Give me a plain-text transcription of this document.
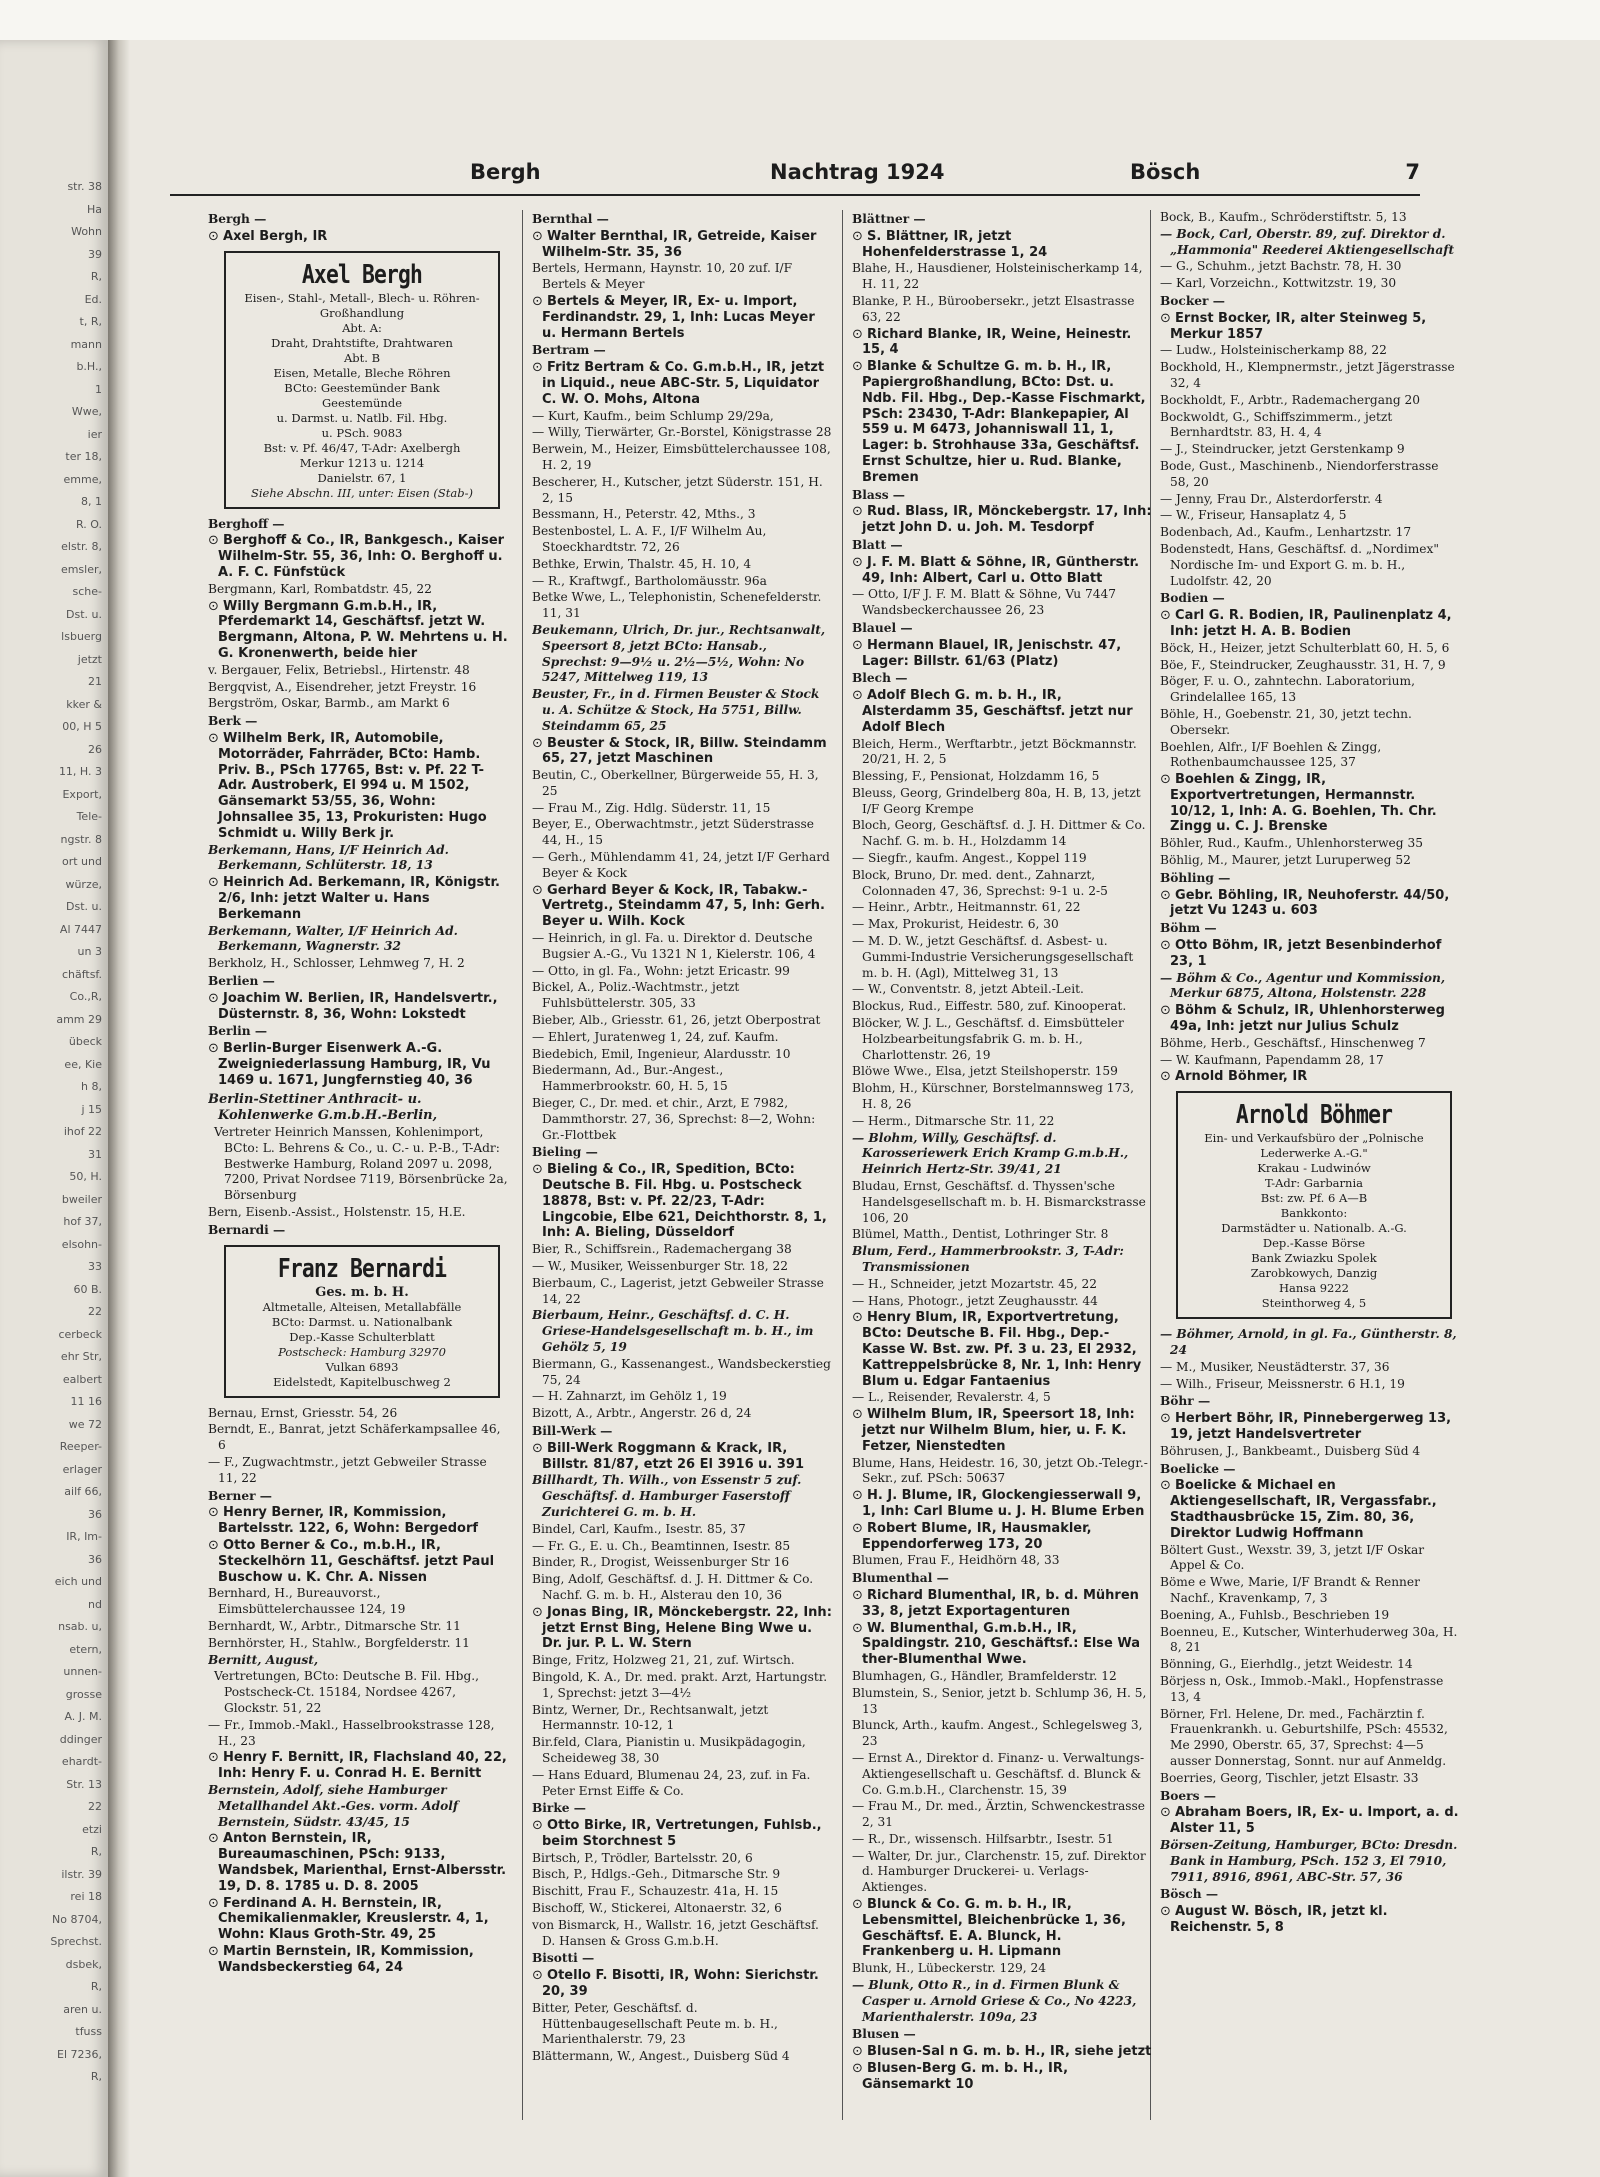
str. 38
Ha
Wohn
39
R,
Ed.
t, R,
mann
b.H.,
1
Wwe,
ier
ter 18,
emme,
8, 1
R. O.
elstr. 8,
emsler,
sche-
Dst. u.
lsbuerg
jetzt
21
kker &
00, H 5
26
11, H. 3
Export,
Tele-
ngstr. 8
ort und
würze,
Dst. u.
Al 7447
un 3
chäftsf.
Co.,R,
amm 29
übeck
ee, Kie
h 8,
j 15
ihof 22
31
50, H.
bweiler
hof 37,
elsohn-
33
60 B.
22
cerbeck
ehr Str,
ealbert
11 16
we 72
Reeper-
erlager
ailf 66,
36
IR, Im-
36
eich und
nd
nsab. u,
etern,
unnen-
grosse
A. J. M.
ddinger
ehardt-
Str. 13
22
etzi
R,
ilstr. 39
rei 18
No 8704,
Sprechst.
dsbek,
R,
aren u.
tfuss
El 7236,
R,
Bergh	Nachtrag 1924	Bösch	7
Bergh —
⊙ Axel Bergh, IR
Axel Bergh
Eisen-, Stahl-, Metall-, Blech- u. Röhren-Großhandlung
Abt. A:
Draht, Drahtstifte, Drahtwaren
Abt. B
Eisen, Metalle, Bleche Röhren
BCto: Geestemünder Bank
Geestemünde
u. Darmst. u. Natlb. Fil. Hbg.
u. PSch. 9083
Bst: v. Pf. 46/47, T-Adr: Axelbergh
Merkur 1213 u. 1214
Danielstr. 67, 1
Siehe Abschn. III, unter: Eisen (Stab-)
Berghoff —
⊙ Berghoff & Co., IR, Bankgesch., Kaiser Wilhelm-Str. 55, 36, Inh: O. Berghoff u. A. F. C. Fünfstück
Bergmann, Karl, Rombatdstr. 45, 22
⊙ Willy Bergmann G.m.b.H., IR, Pferdemarkt 14, Geschäftsf. jetzt W. Bergmann, Altona, P. W. Mehrtens u. H. G. Kronenwerth, beide hier
v. Bergauer, Felix, Betriebsl., Hirtenstr. 48
Bergqvist, A., Eisendreher, jetzt Freystr. 16
Bergström, Oskar, Barmb., am Markt 6
Berk —
⊙ Wilhelm Berk, IR, Automobile, Motorräder, Fahrräder, BCto: Hamb. Priv. B., PSch 17765, Bst: v. Pf. 22 T-Adr. Austroberk, El 994 u. M 1502, Gänsemarkt 53/55, 36, Wohn: Johnsallee 35, 13, Prokuristen: Hugo Schmidt u. Willy Berk jr.
Berkemann, Hans, I/F Heinrich Ad. Berkemann, Schlüterstr. 18, 13
⊙ Heinrich Ad. Berkemann, IR, Königstr. 2/6, Inh: jetzt Walter u. Hans Berkemann
Berkemann, Walter, I/F Heinrich Ad. Berkemann, Wagnerstr. 32
Berkholz, H., Schlosser, Lehmweg 7, H. 2
Berlien —
⊙ Joachim W. Berlien, IR, Handelsvertr., Düsternstr. 8, 36, Wohn: Lokstedt
Berlin —
⊙ Berlin-Burger Eisenwerk A.-G. Zweigniederlassung Hamburg, IR, Vu 1469 u. 1671, Jungfernstieg 40, 36
Berlin-Stettiner Anthracit- u. Kohlenwerke G.m.b.H.-Berlin,
Vertreter Heinrich Manssen, Kohlenimport, BCto: L. Behrens & Co., u. C.- u. P.-B., T-Adr: Bestwerke Hamburg, Roland 2097 u. 2098, 7200, Privat Nordsee 7119, Börsenbrücke 2a, Börsenburg
Bern, Eisenb.-Assist., Holstenstr. 15, H.E.
Bernardi —
Franz Bernardi
Ges. m. b. H.
Altmetalle, Alteisen, Metallabfälle
BCto: Darmst. u. Nationalbank
Dep.-Kasse Schulterblatt
Postscheck: Hamburg 32970
Vulkan 6893
Eidelstedt, Kapitelbuschweg 2
Bernau, Ernst, Griesstr. 54, 26
Berndt, E., Banrat, jetzt Schäferkampsallee 46, 6
— F., Zugwachtmstr., jetzt Gebweiler Strasse 11, 22
Berner —
⊙ Henry Berner, IR, Kommission, Bartelsstr. 122, 6, Wohn: Bergedorf
⊙ Otto Berner & Co., m.b.H., IR, Steckelhörn 11, Geschäftsf. jetzt Paul Buschow u. K. Chr. A. Nissen
Bernhard, H., Bureauvorst., Eimsbüttelerchaussee 124, 19
Bernhardt, W., Arbtr., Ditmarsche Str. 11
Bernhörster, H., Stahlw., Borgfelderstr. 11
Bernitt, August,
Vertretungen, BCto: Deutsche B. Fil. Hbg., Postscheck-Ct. 15184, Nordsee 4267, Glockstr. 51, 22
— Fr., Immob.-Makl., Hasselbrookstrasse 128, H., 23
⊙ Henry F. Bernitt, IR, Flachsland 40, 22, Inh: Henry F. u. Conrad H. E. Bernitt
Bernstein, Adolf, siehe Hamburger Metallhandel Akt.-Ges. vorm. Adolf Bernstein, Südstr. 43/45, 15
⊙ Anton Bernstein, IR, Bureaumaschinen, PSch: 9133, Wandsbek, Marienthal, Ernst-Albersstr. 19, D. 8. 1785 u. D. 8. 2005
⊙ Ferdinand A. H. Bernstein, IR, Chemikalienmakler, Kreuslerstr. 4, 1, Wohn: Klaus Groth-Str. 49, 25
⊙ Martin Bernstein, IR, Kommission, Wandsbeckerstieg 64, 24
Bernthal —
⊙ Walter Bernthal, IR, Getreide, Kaiser Wilhelm-Str. 35, 36
Bertels, Hermann, Haynstr. 10, 20 zuf. I/F Bertels & Meyer
⊙ Bertels & Meyer, IR, Ex- u. Import, Ferdinandstr. 29, 1, Inh: Lucas Meyer u. Hermann Bertels
Bertram —
⊙ Fritz Bertram & Co. G.m.b.H., IR, jetzt in Liquid., neue ABC-Str. 5, Liquidator C. W. O. Mohs, Altona
— Kurt, Kaufm., beim Schlump 29/29a,
— Willy, Tierwärter, Gr.-Borstel, Königstrasse 28
Berwein, M., Heizer, Eimsbüttelerchaussee 108, H. 2, 19
Bescherer, H., Kutscher, jetzt Süderstr. 151, H. 2, 15
Bessmann, H., Peterstr. 42, Mths., 3
Bestenbostel, L. A. F., I/F Wilhelm Au, Stoeckhardtstr. 72, 26
Bethke, Erwin, Thalstr. 45, H. 10, 4
— R., Kraftwgf., Bartholomäusstr. 96a
Betke Wwe, L., Telephonistin, Schenefelderstr. 11, 31
Beukemann, Ulrich, Dr. jur., Rechtsanwalt, Speersort 8, jetzt BCto: Hansab., Sprechst: 9—9½ u. 2½—5½, Wohn: No 5247, Mittelweg 119, 13
Beuster, Fr., in d. Firmen Beuster & Stock u. A. Schütze & Stock, Ha 5751, Billw. Steindamm 65, 25
⊙ Beuster & Stock, IR, Billw. Steindamm 65, 27, jetzt Maschinen
Beutin, C., Oberkellner, Bürgerweide 55, H. 3, 25
— Frau M., Zig. Hdlg. Süderstr. 11, 15
Beyer, E., Oberwachtmstr., jetzt Süderstrasse 44, H., 15
— Gerh., Mühlendamm 41, 24, jetzt I/F Gerhard Beyer & Kock
⊙ Gerhard Beyer & Kock, IR, Tabakw.-Vertretg., Steindamm 47, 5, Inh: Gerh. Beyer u. Wilh. Kock
— Heinrich, in gl. Fa. u. Direktor d. Deutsche Bugsier A.-G., Vu 1321 N 1, Kielerstr. 106, 4
— Otto, in gl. Fa., Wohn: jetzt Ericastr. 99
Bickel, A., Poliz.-Wachtmstr., jetzt Fuhlsbüttelerstr. 305, 33
Bieber, Alb., Griesstr. 61, 26, jetzt Oberpostrat
— Ehlert, Juratenweg 1, 24, zuf. Kaufm.
Biedebich, Emil, Ingenieur, Alardusstr. 10
Biedermann, Ad., Bur.-Angest., Hammerbrookstr. 60, H. 5, 15
Bieger, C., Dr. med. et chir., Arzt, E 7982, Dammthorstr. 27, 36, Sprechst: 8—2, Wohn: Gr.-Flottbek
Bieling —
⊙ Bieling & Co., IR, Spedition, BCto: Deutsche B. Fil. Hbg. u. Postscheck 18878, Bst: v. Pf. 22/23, T-Adr: Lingcobie, Elbe 621, Deichthorstr. 8, 1, Inh: A. Bieling, Düsseldorf
Bier, R., Schiffsrein., Rademachergang 38
— W., Musiker, Weissenburger Str. 18, 22
Bierbaum, C., Lagerist, jetzt Gebweiler Strasse 14, 22
Bierbaum, Heinr., Geschäftsf. d. C. H. Griese-Handelsgesellschaft m. b. H., im Gehölz 5, 19
Biermann, G., Kassenangest., Wandsbeckerstieg 75, 24
— H. Zahnarzt, im Gehölz 1, 19
Bizott, A., Arbtr., Angerstr. 26 d, 24
Bill-Werk —
⊙ Bill-Werk Roggmann & Krack, IR, Billstr. 81/87, etzt 26 El 3916 u. 391
Billhardt, Th. Wilh., von Essenstr 5 zuf. Geschäftsf. d. Hamburger Faserstoff Zurichterei G. m. b. H.
Bindel, Carl, Kaufm., Isestr. 85, 37
— Fr. G., E. u. Ch., Beamtinnen, Isestr. 85
Binder, R., Drogist, Weissenburger Str 16
Bing, Adolf, Geschäftsf. d. J. H. Dittmer & Co. Nachf. G. m. b. H., Alsterau den 10, 36
⊙ Jonas Bing, IR, Mönckebergstr. 22, Inh: jetzt Ernst Bing, Helene Bing Wwe u. Dr. jur. P. L. W. Stern
Binge, Fritz, Holzweg 21, 21, zuf. Wirtsch.
Bingold, K. A., Dr. med. prakt. Arzt, Hartungstr. 1, Sprechst: jetzt 3—4½
Bintz, Werner, Dr., Rechtsanwalt, jetzt Hermannstr. 10-12, 1
Bir.feld, Clara, Pianistin u. Musikpädagogin, Scheideweg 38, 30
— Hans Eduard, Blumenau 24, 23, zuf. in Fa. Peter Ernst Eiffe & Co.
Birke —
⊙ Otto Birke, IR, Vertretungen, Fuhlsb., beim Storchnest 5
Birtsch, P., Trödler, Bartelsstr. 20, 6
Bisch, P., Hdlgs.-Geh., Ditmarsche Str. 9
Bischitt, Frau F., Schauzestr. 41a, H. 15
Bischoff, W., Stickerei, Altonaerstr. 32, 6
von Bismarck, H., Wallstr. 16, jetzt Geschäftsf. D. Hansen & Gross G.m.b.H.
Bisotti —
⊙ Otello F. Bisotti, IR, Wohn: Sierichstr. 20, 39
Bitter, Peter, Geschäftsf. d. Hüttenbaugesellschaft Peute m. b. H., Marienthalerstr. 79, 23
Blättermann, W., Angest., Duisberg Süd 4
Blättner —
⊙ S. Blättner, IR, jetzt Hohenfelderstrasse 1, 24
Blahe, H., Hausdiener, Holsteinischerkamp 14, H. 11, 22
Blanke, P. H., Büroobersekr., jetzt Elsastrasse 63, 22
⊙ Richard Blanke, IR, Weine, Heinestr. 15, 4
⊙ Blanke & Schultze G. m. b. H., IR, Papiergroßhandlung, BCto: Dst. u. Ndb. Fil. Hbg., Dep.-Kasse Fischmarkt, PSch: 23430, T-Adr: Blankepapier, Al 559 u. M 6473, Johanniswall 11, 1, Lager: b. Strohhause 33a, Geschäftsf. Ernst Schultze, hier u. Rud. Blanke, Bremen
Blass —
⊙ Rud. Blass, IR, Mönckebergstr. 17, Inh: jetzt John D. u. Joh. M. Tesdorpf
Blatt —
⊙ J. F. M. Blatt & Söhne, IR, Güntherstr. 49, Inh: Albert, Carl u. Otto Blatt
— Otto, I/F J. F. M. Blatt & Söhne, Vu 7447 Wandsbeckerchaussee 26, 23
Blauel —
⊙ Hermann Blauel, IR, Jenischstr. 47, Lager: Billstr. 61/63 (Platz)
Blech —
⊙ Adolf Blech G. m. b. H., IR, Alsterdamm 35, Geschäftsf. jetzt nur Adolf Blech
Bleich, Herm., Werftarbtr., jetzt Böckmannstr. 20/21, H. 2, 5
Blessing, F., Pensionat, Holzdamm 16, 5
Bleuss, Georg, Grindelberg 80a, H. B, 13, jetzt I/F Georg Krempe
Bloch, Georg, Geschäftsf. d. J. H. Dittmer & Co. Nachf. G. m. b. H., Holzdamm 14
— Siegfr., kaufm. Angest., Koppel 119
Block, Bruno, Dr. med. dent., Zahnarzt, Colonnaden 47, 36, Sprechst: 9-1 u. 2-5
— Heinr., Arbtr., Heitmannstr. 61, 22
— Max, Prokurist, Heidestr. 6, 30
— M. D. W., jetzt Geschäftsf. d. Asbest- u. Gummi-Industrie Versicherungsgesellschaft m. b. H. (Agl), Mittelweg 31, 13
— W., Conventstr. 8, jetzt Abteil.-Leit.
Blockus, Rud., Eiffestr. 580, zuf. Kinooperat.
Blöcker, W. J. L., Geschäftsf. d. Eimsbütteler Holzbearbeitungsfabrik G. m. b. H., Charlottenstr. 26, 19
Blöwe Wwe., Elsa, jetzt Steilshoperstr. 159
Blohm, H., Kürschner, Borstelmannsweg 173, H. 8, 26
— Herm., Ditmarsche Str. 11, 22
— Blohm, Willy, Geschäftsf. d. Karosseriewerk Erich Kramp G.m.b.H., Heinrich Hertz-Str. 39/41, 21
Bludau, Ernst, Geschäftsf. d. Thyssen'sche Handelsgesellschaft m. b. H. Bismarckstrasse 106, 20
Blümel, Matth., Dentist, Lothringer Str. 8
Blum, Ferd., Hammerbrookstr. 3, T-Adr: Transmissionen
— H., Schneider, jetzt Mozartstr. 45, 22
— Hans, Photogr., jetzt Zeughausstr. 44
⊙ Henry Blum, IR, Exportvertretung, BCto: Deutsche B. Fil. Hbg., Dep.-Kasse W. Bst. zw. Pf. 3 u. 23, El 2932, Kattreppelsbrücke 8, Nr. 1, Inh: Henry Blum u. Edgar Fantaenius
— L., Reisender, Revalerstr. 4, 5
⊙ Wilhelm Blum, IR, Speersort 18, Inh: jetzt nur Wilhelm Blum, hier, u. F. K. Fetzer, Nienstedten
Blume, Hans, Heidestr. 16, 30, jetzt Ob.-Telegr.-Sekr., zuf. PSch: 50637
⊙ H. J. Blume, IR, Glockengiesserwall 9, 1, Inh: Carl Blume u. J. H. Blume Erben
⊙ Robert Blume, IR, Hausmakler, Eppendorferweg 173, 20
Blumen, Frau F., Heidhörn 48, 33
Blumenthal —
⊙ Richard Blumenthal, IR, b. d. Mühren 33, 8, jetzt Exportagenturen
⊙ W. Blumenthal, G.m.b.H., IR, Spaldingstr. 210, Geschäftsf.: Else Wa ther-Blumenthal Wwe.
Blumhagen, G., Händler, Bramfelderstr. 12
Blumstein, S., Senior, jetzt b. Schlump 36, H. 5, 13
Blunck, Arth., kaufm. Angest., Schlegelsweg 3, 23
— Ernst A., Direktor d. Finanz- u. Verwaltungs-Aktiengesellschaft u. Geschäftsf. d. Blunck & Co. G.m.b.H., Clarchenstr. 15, 39
— Frau M., Dr. med., Ärztin, Schwenckestrasse 2, 31
— R., Dr., wissensch. Hilfsarbtr., Isestr. 51
— Walter, Dr. jur., Clarchenstr. 15, zuf. Direktor d. Hamburger Druckerei- u. Verlags-Aktienges.
⊙ Blunck & Co. G. m. b. H., IR, Lebensmittel, Bleichenbrücke 1, 36, Geschäftsf. E. A. Blunck, H. Frankenberg u. H. Lipmann
Blunk, H., Lübeckerstr. 129, 24
— Blunk, Otto R., in d. Firmen Blunk & Casper u. Arnold Griese & Co., No 4223, Marienthalerstr. 109a, 23
Blusen —
⊙ Blusen-Sal n G. m. b. H., IR, siehe jetzt
⊙ Blusen-Berg G. m. b. H., IR, Gänsemarkt 10
Bock, B., Kaufm., Schröderstiftstr. 5, 13
— Bock, Carl, Oberstr. 89, zuf. Direktor d. „Hammonia" Reederei Aktiengesellschaft
— G., Schuhm., jetzt Bachstr. 78, H. 30
— Karl, Vorzeichn., Kottwitzstr. 19, 30
Bocker —
⊙ Ernst Bocker, IR, alter Steinweg 5, Merkur 1857
— Ludw., Holsteinischerkamp 88, 22
Bockhold, H., Klempnermstr., jetzt Jägerstrasse 32, 4
Bockholdt, F., Arbtr., Rademachergang 20
Bockwoldt, G., Schiffszimmerm., jetzt Bernhardtstr. 83, H. 4, 4
— J., Steindrucker, jetzt Gerstenkamp 9
Bode, Gust., Maschinenb., Niendorferstrasse 58, 20
— Jenny, Frau Dr., Alsterdorferstr. 4
— W., Friseur, Hansaplatz 4, 5
Bodenbach, Ad., Kaufm., Lenhartzstr. 17
Bodenstedt, Hans, Geschäftsf. d. „Nordimex" Nordische Im- und Export G. m. b. H., Ludolfstr. 42, 20
Bodien —
⊙ Carl G. R. Bodien, IR, Paulinenplatz 4, Inh: jetzt H. A. B. Bodien
Böck, H., Heizer, jetzt Schulterblatt 60, H. 5, 6
Böe, F., Steindrucker, Zeughausstr. 31, H. 7, 9
Böger, F. u. O., zahntechn. Laboratorium, Grindelallee 165, 13
Böhle, H., Goebenstr. 21, 30, jetzt techn. Obersekr.
Boehlen, Alfr., I/F Boehlen & Zingg, Rothenbaumchaussee 125, 37
⊙ Boehlen & Zingg, IR, Exportvertretungen, Hermannstr. 10/12, 1, Inh: A. G. Boehlen, Th. Chr. Zingg u. C. J. Brenske
Böhler, Rud., Kaufm., Uhlenhorsterweg 35
Böhlig, M., Maurer, jetzt Luruperweg 52
Böhling —
⊙ Gebr. Böhling, IR, Neuhoferstr. 44/50, jetzt Vu 1243 u. 603
Böhm —
⊙ Otto Böhm, IR, jetzt Besenbinderhof 23, 1
— Böhm & Co., Agentur und Kommission, Merkur 6875, Altona, Holstenstr. 228
⊙ Böhm & Schulz, IR, Uhlenhorsterweg 49a, Inh: jetzt nur Julius Schulz
Böhme, Herb., Geschäftsf., Hinschenweg 7
— W. Kaufmann, Papendamm 28, 17
⊙ Arnold Böhmer, IR
Arnold Böhmer
Ein- und Verkaufsbüro der „Polnische Lederwerke A.-G."
Krakau - Ludwinów
T-Adr: Garbarnia
Bst: zw. Pf. 6 A—B
Bankkonto:
Darmstädter u. Nationalb. A.-G.
Dep.-Kasse Börse
Bank Zwiazku Spolek
Zarobkowych, Danzig
Hansa 9222
Steinthorweg 4, 5
— Böhmer, Arnold, in gl. Fa., Güntherstr. 8, 24
— M., Musiker, Neustädterstr. 37, 36
— Wilh., Friseur, Meissnerstr. 6 H.1, 19
Böhr —
⊙ Herbert Böhr, IR, Pinnebergerweg 13, 19, jetzt Handelsvertreter
Böhrusen, J., Bankbeamt., Duisberg Süd 4
Boelicke —
⊙ Boelicke & Michael en Aktiengesellschaft, IR, Vergassfabr., Stadthausbrücke 15, Zim. 80, 36, Direktor Ludwig Hoffmann
Böltert Gust., Wexstr. 39, 3, jetzt I/F Oskar Appel & Co.
Böme e Wwe, Marie, I/F Brandt & Renner Nachf., Kravenkamp, 7, 3
Boening, A., Fuhlsb., Beschrieben 19
Boenneu, E., Kutscher, Winterhuderweg 30a, H. 8, 21
Bönning, G., Eierhdlg., jetzt Weidestr. 14
Börjess n, Osk., Immob.-Makl., Hopfenstrasse 13, 4
Börner, Frl. Helene, Dr. med., Fachärztin f. Frauenkrankh. u. Geburtshilfe, PSch: 45532, Me 2990, Oberstr. 65, 37, Sprechst: 4—5 ausser Donnerstag, Sonnt. nur auf Anmeldg.
Boerries, Georg, Tischler, jetzt Elsastr. 33
Boers —
⊙ Abraham Boers, IR, Ex- u. Import, a. d. Alster 11, 5
Börsen-Zeitung, Hamburger, BCto: Dresdn. Bank in Hamburg, PSch. 152 3, El 7910, 7911, 8916, 8961, ABC-Str. 57, 36
Bösch —
⊙ August W. Bösch, IR, jetzt kl. Reichenstr. 5, 8
